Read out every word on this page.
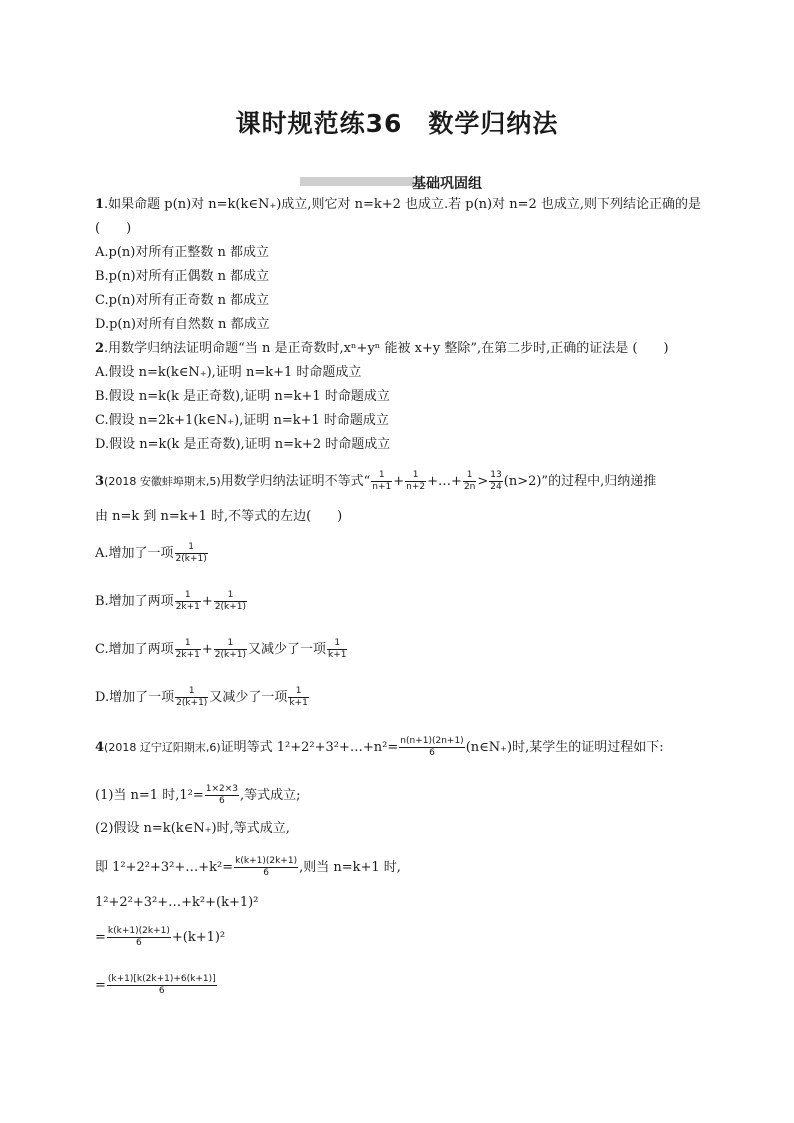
课时规范练36　数学归纳法
基础巩固组
1.如果命题 p(n)对 n=k(k∈N₊)成立,则它对 n=k+2 也成立.若 p(n)对 n=2 也成立,则下列结论正确的是
(　　)
A.p(n)对所有正整数 n 都成立
B.p(n)对所有正偶数 n 都成立
C.p(n)对所有正奇数 n 都成立
D.p(n)对所有自然数 n 都成立
2.用数学归纳法证明命题“当 n 是正奇数时,xⁿ+yⁿ 能被 x+y 整除”,在第二步时,正确的证法是 (　　)
A.假设 n=k(k∈N₊),证明 n=k+1 时命题成立
B.假设 n=k(k 是正奇数),证明 n=k+1 时命题成立
C.假设 n=2k+1(k∈N₊),证明 n=k+1 时命题成立
D.假设 n=k(k 是正奇数),证明 n=k+2 时命题成立
3(2018 安徽蚌埠期末,5)用数学归纳法证明不等式“ $\frac{1}{n+1} + \frac{1}{n+2}$ +…+ $\frac{1}{2n} > \frac{13}{24} (n>2)$”的过程中,归纳递推
由 n=k 到 n=k+1 时,不等式的左边(　　)
A.增加了一项 $\frac{1}{2(k+1)}$
B.增加了两项 $\frac{1}{2k+1} + \frac{1}{2(k+1)}$
C.增加了两项 $\frac{1}{2k+1} + \frac{1}{2(k+1)}$ 又减少了一项 $\frac{1}{k+1}$
D.增加了一项 $\frac{1}{2(k+1)}$ 又减少了一项 $\frac{1}{k+1}$
4(2018 辽宁辽阳期末,6)证明等式 1²+2²+3²+…+n²= $\frac{n(n+1)(2n+1)}{6}$ (n∈N₊)时,某学生的证明过程如下:
(1)当 n=1 时$,1^2= \frac{1\times 2\times 3}{6}$ ,等式成立;
(2)假设 n=k(k∈N₊)时,等式成立,
即 1²+2²+3²+…+k²= $\frac{k(k+1)(2k+1)}{6}$ ,则当 n=k+1 时,
1²+2²+3²+…+k²+(k+1)²
= $\frac{k(k+1)(2k+1)}{6} +(k+1)^2$
= $\frac{(k+1)[k(2k+1)+6(k+1)]}{6}$
